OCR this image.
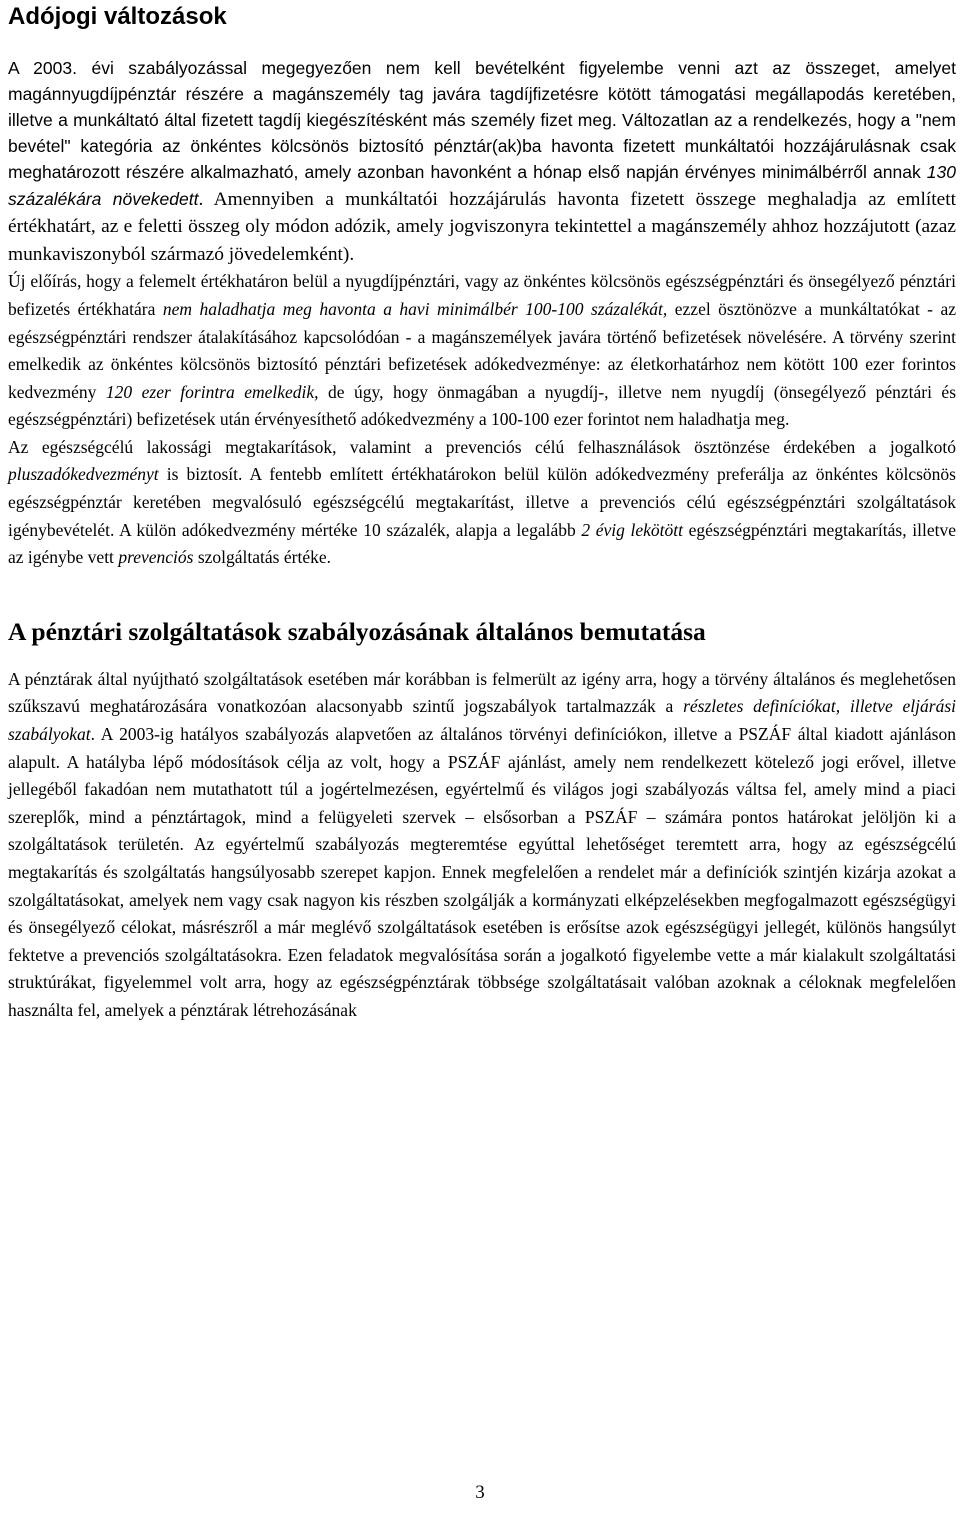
Adójogi változások

A 2003. évi szabályozással megegyezően nem kell bevételként figyelembe venni azt az összeget, amelyet magánnyugdíjpénztár részére a magánszemély tag javára tagdíjfizetésre kötött támogatási megállapodás keretében, illetve a munkáltató által fizetett tagdíj kiegészítésként más személy fizet meg. Változatlan az a rendelkezés, hogy a "nem bevétel" kategória az önkéntes kölcsönös biztosító pénztár(ak)ba havonta fizetett munkáltatói hozzájárulásnak csak meghatározott részére alkalmazható, amely azonban havonként a hónap első napján érvényes minimálbérről annak 130 százalékára növekedett. Amennyiben a munkáltatói hozzájárulás havonta fizetett összege meghaladja az említett értékhatárt, az e feletti összeg oly módon adózik, amely jogviszonyra tekintettel a magánszemély ahhoz hozzájutott (azaz munkaviszonyból származó jövedelemként).

Új előírás, hogy a felemelt értékhatáron belül a nyugdíjpénztári, vagy az önkéntes kölcsönös egészségpénztári és önsegélyező pénztári befizetés értékhatára nem haladhatja meg havonta a havi minimálbér 100-100 százalékát, ezzel ösztönözve a munkáltatókat - az egészségpénztári rendszer átalakításához kapcsolódóan - a magánszemélyek javára történő befizetések növelésére. A törvény szerint emelkedik az önkéntes kölcsönös biztosító pénztári befizetések adókedvezménye: az életkorhatárhoz nem kötött 100 ezer forintos kedvezmény 120 ezer forintra emelkedik, de úgy, hogy önmagában a nyugdíj-, illetve nem nyugdíj (önsegélyező pénztári és egészségpénztári) befizetések után érvényesíthető adókedvezmény a 100-100 ezer forintot nem haladhatja meg.

Az egészségcélú lakossági megtakarítások, valamint a prevenciós célú felhasználások ösztönzése érdekében a jogalkotó pluszadókedvezményt is biztosít. A fentebb említett értékhatárokon belül külön adókedvezmény preferálja az önkéntes kölcsönös egészségpénztár keretében megvalósuló egészségcélú megtakarítást, illetve a prevenciós célú egészségpénztári szolgáltatások igénybevételét. A külön adókedvezmény mértéke 10 százalék, alapja a legalább 2 évig lekötött egészségpénztári megtakarítás, illetve az igénybe vett prevenciós szolgáltatás értéke.

A pénztári szolgáltatások szabályozásának általános bemutatása

A pénztárak által nyújtható szolgáltatások esetében már korábban is felmerült az igény arra, hogy a törvény általános és meglehetősen szűkszavú meghatározására vonatkozóan alacsonyabb szintű jogszabályok tartalmazzák a részletes definíciókat, illetve eljárási szabályokat. A 2003-ig hatályos szabályozás alapvetően az általános törvényi definíciókon, illetve a PSZÁF által kiadott ajánláson alapult. A hatályba lépő módosítások célja az volt, hogy a PSZÁF ajánlást, amely nem rendelkezett kötelező jogi erővel, illetve jellegéből fakadóan nem mutathatott túl a jogértelmezésen, egyértelmű és világos jogi szabályozás váltsa fel, amely mind a piaci szereplők, mind a pénztártagok, mind a felügyeleti szervek – elsősorban a PSZÁF – számára pontos határokat jelöljön ki a szolgáltatások területén. Az egyértelmű szabályozás megteremtése egyúttal lehetőséget teremtett arra, hogy az egészségcélú megtakarítás és szolgáltatás hangsúlyosabb szerepet kapjon. Ennek megfelelően a rendelet már a definíciók szintjén kizárja azokat a szolgáltatásokat, amelyek nem vagy csak nagyon kis részben szolgálják a kormányzati elképzelésekben megfogalmazott egészségügyi és önsegélyező célokat, másrészről a már meglévő szolgáltatások esetében is erősítse azok egészségügyi jellegét, különös hangsúlyt fektetve a prevenciós szolgáltatásokra. Ezen feladatok megvalósítása során a jogalkotó figyelembe vette a már kialakult szolgáltatási struktúrákat, figyelemmel volt arra, hogy az egészségpénztárak többsége szolgáltatásait valóban azoknak a céloknak megfelelően használta fel, amelyek a pénztárak létrehozásának

3
